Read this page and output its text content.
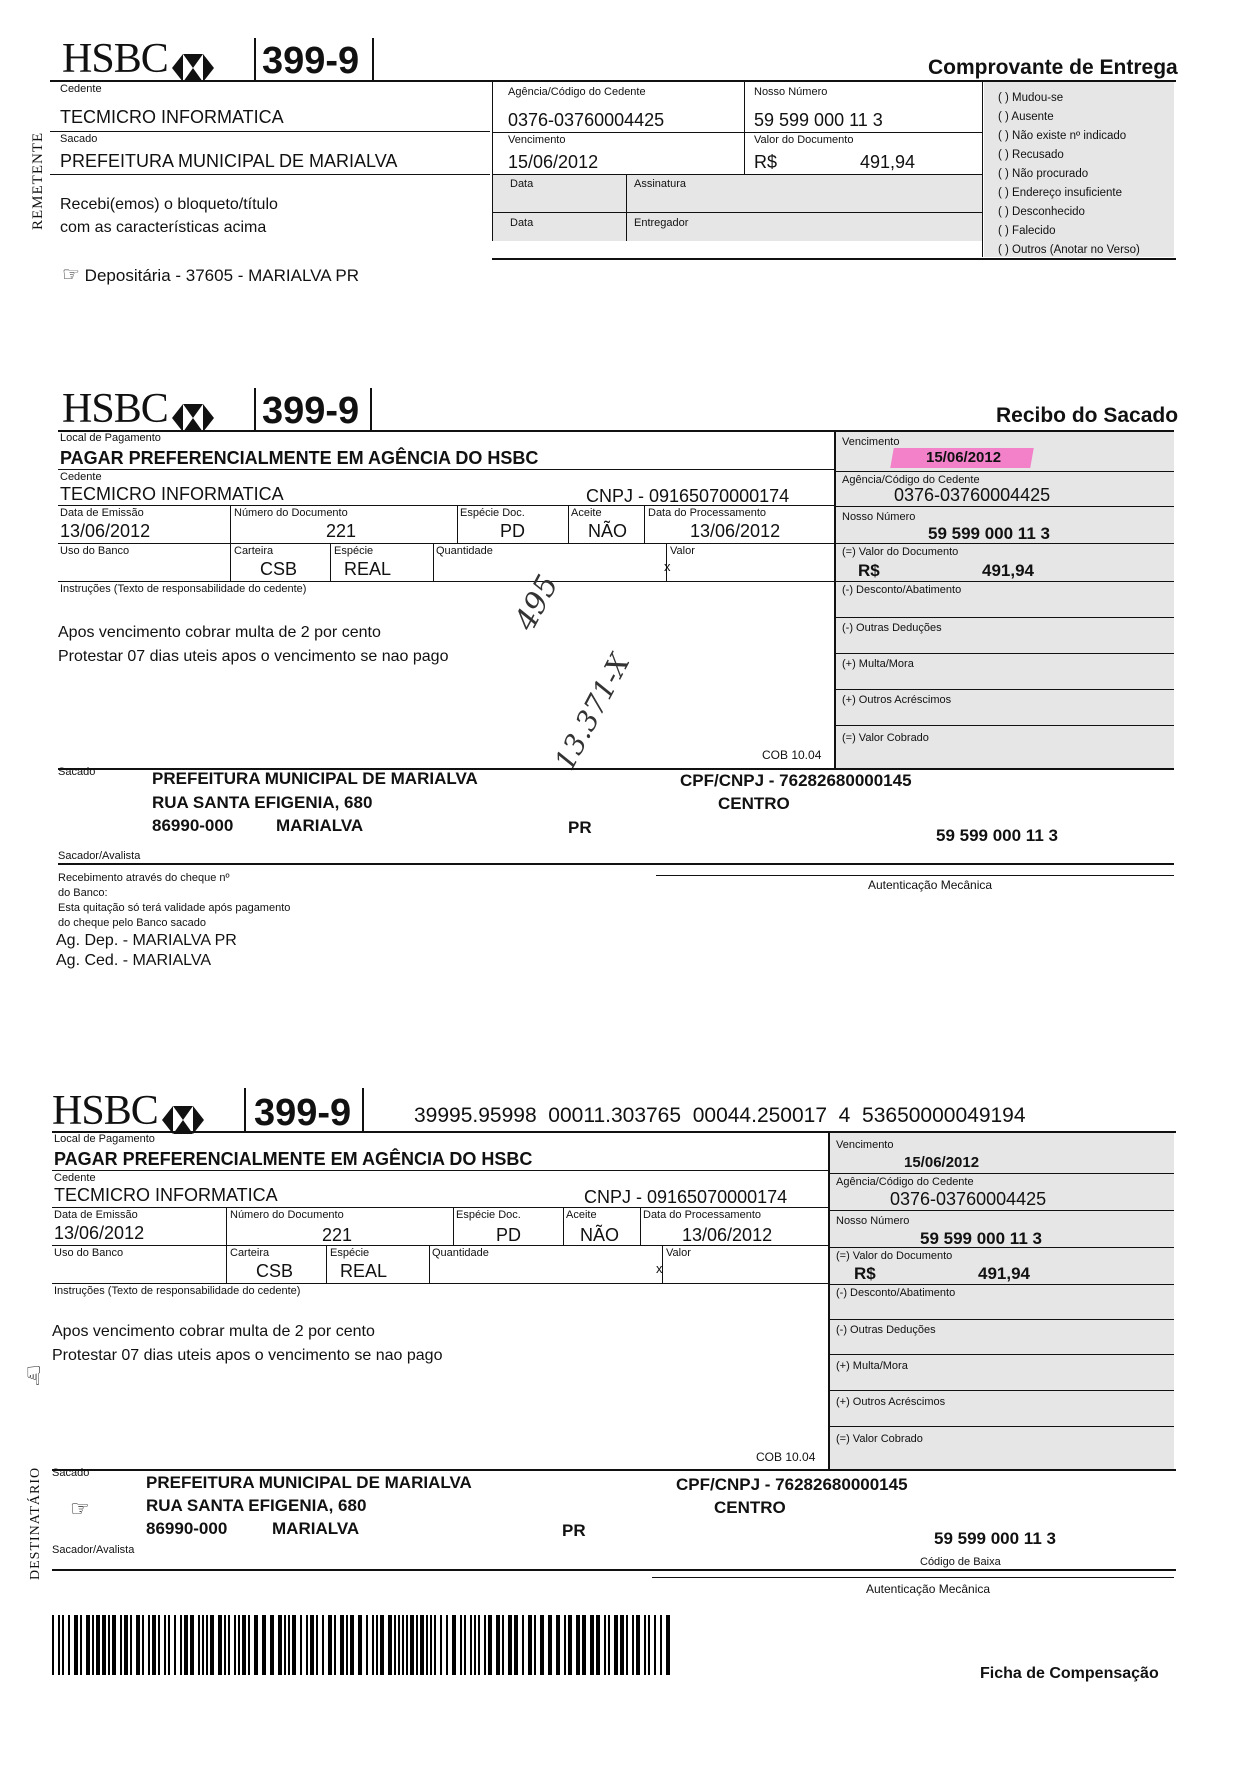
REMETENTE
HSBC	399-9	Comprovante de Entrega
Cedente
TECMICRO INFORMATICA
Sacado
PREFEITURA MUNICIPAL DE MARIALVA
Recebi(emos) o bloqueto/título
com as características acima
Agência/Código do Cedente
0376-03760004425
Nosso Número
59 599 000 11 3
Vencimento
15/06/2012
Valor do Documento
R$	491,94
Data	Assinatura
Data	Entregador
( ) Mudou-se
( ) Ausente
( ) Não existe nº indicado
( ) Recusado
( ) Não procurado
( ) Endereço insuficiente
( ) Desconhecido
( ) Falecido
( ) Outros (Anotar no Verso)
☞ Depositária - 37605 - MARIALVA PR
HSBC	399-9	Recibo do Sacado
Local de Pagamento
PAGAR PREFERENCIALMENTE EM AGÊNCIA DO HSBC
Cedente
TECMICRO INFORMATICA	CNPJ - 09165070000174
Data de Emissão
13/06/2012
Número do Documento
221
Espécie Doc.
PD
Aceite
NÃO
Data do Processamento
13/06/2012
Uso do Banco	Carteira
CSB
Espécie
REAL
Quantidade	Valor
x
Instruções (Texto de responsabilidade do cedente)
Apos vencimento cobrar multa de 2 por cento
Protestar 07 dias uteis apos o vencimento se nao pago
495
13.371-X	COB 10.04
Vencimento
15/06/2012
Agência/Código do Cedente
0376-03760004425
Nosso Número
59 599 000 11 3
(=) Valor do Documento
R$	491,94
(-) Desconto/Abatimento
(-) Outras Deduções
(+) Multa/Mora
(+) Outros Acréscimos
(=) Valor Cobrado
Sacado	PREFEITURA MUNICIPAL DE MARIALVA
RUA SANTA EFIGENIA, 680
86990-000	MARIALVA	PR
CPF/CNPJ - 76282680000145
CENTRO
59 599 000 11 3
Sacador/Avalista
Recebimento através do cheque nº
do Banco:
Esta quitação só terá validade após pagamento
do cheque pelo Banco sacado
Ag. Dep. - MARIALVA PR
Ag. Ced. - MARIALVA
Autenticação Mecânica
HSBC	399-9	39995.95998  00011.303765  00044.250017  4  53650000049194
DESTINATÁRIO
☞
Local de Pagamento
PAGAR PREFERENCIALMENTE EM AGÊNCIA DO HSBC
Cedente
TECMICRO INFORMATICA	CNPJ - 09165070000174
Data de Emissão
13/06/2012
Número do Documento
221
Espécie Doc.
PD
Aceite
NÃO
Data do Processamento
13/06/2012
Uso do Banco	Carteira
CSB
Espécie
REAL
Quantidade	Valor
x
Instruções (Texto de responsabilidade do cedente)
Apos vencimento cobrar multa de 2 por cento
Protestar 07 dias uteis apos o vencimento se nao pago
COB 10.04
Vencimento
15/06/2012
Agência/Código do Cedente
0376-03760004425
Nosso Número
59 599 000 11 3
(=) Valor do Documento
R$	491,94
(-) Desconto/Abatimento
(-) Outras Deduções
(+) Multa/Mora
(+) Outros Acréscimos
(=) Valor Cobrado
Sacado
☞
PREFEITURA MUNICIPAL DE MARIALVA
RUA SANTA EFIGENIA, 680
86990-000	MARIALVA	PR
CPF/CNPJ - 76282680000145
CENTRO
59 599 000 11 3
Sacador/Avalista
Código de Baixa
Autenticação Mecânica
Ficha de Compensação
